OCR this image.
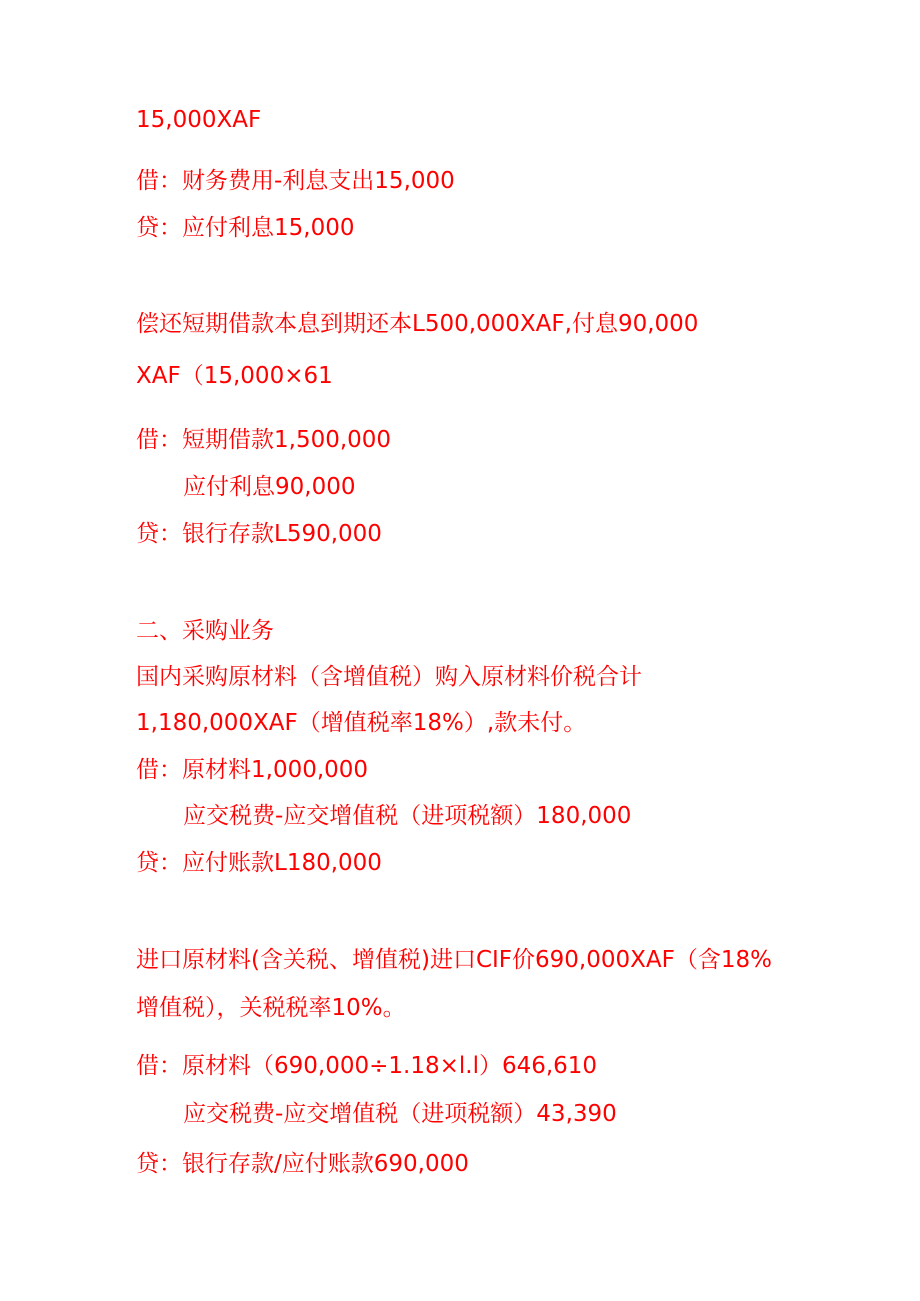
15,000XAF
借：财务费用-利息支出15,000
贷：应付利息15,000
偿还短期借款本息到期还本L500,000XAF,付息90,000
XAF（15,000×61
借：短期借款1,500,000
应付利息90,000
贷：银行存款L590,000
二、采购业务
国内采购原材料（含增值税）购入原材料价税合计
1,180,000XAF（增值税率18%）,款未付。
借：原材料1,000,000
应交税费-应交增值税（进项税额）180,000
贷：应付账款L180,000
进口原材料(含关税、增值税)进口CIF价690,000XAF（含18%
增值税），关税税率10%。
借：原材料（690,000÷1.18×l.l）646,610
应交税费-应交增值税（进项税额）43,390
贷：银行存款/应付账款690,000
